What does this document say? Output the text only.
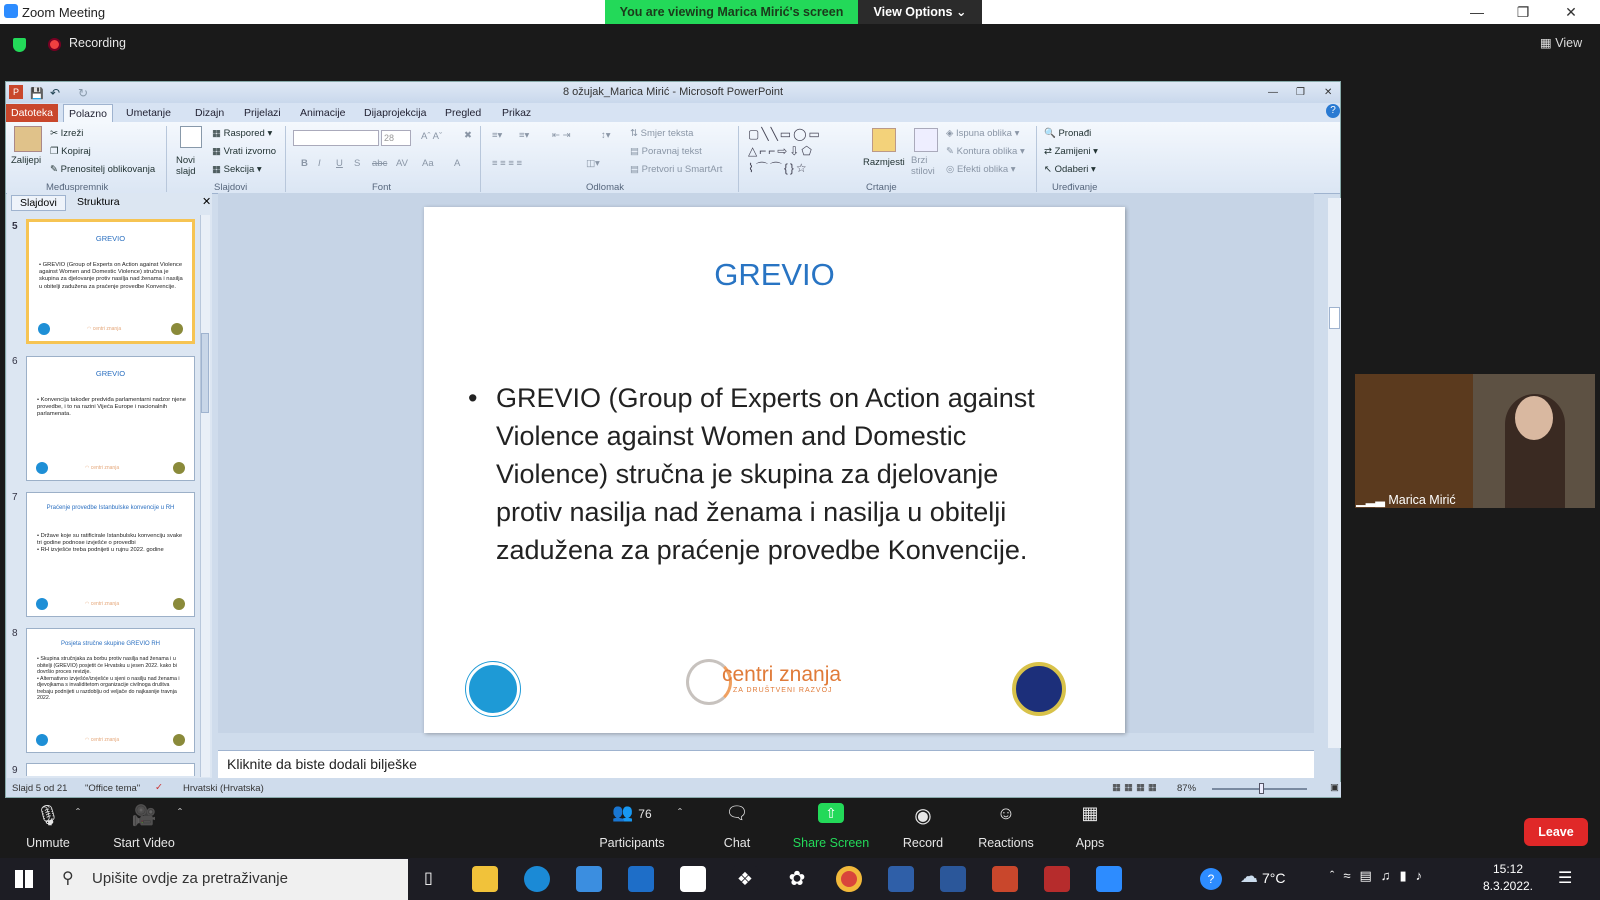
Zoom Meeting	—	❐	✕
You are viewing Marica Mirić's screen	View Options ⌄
Recording	▦ View
P	💾 ↶ ↻	8 ožujak_Marica Mirić - Microsoft PowerPoint	— ❐ ✕
Datoteka	Polazno	Umetanje	Dizajn	Prijelazi	Animacije	Dijaprojekcija	Pregled	Prikaz
Zalijepi
✂ Izreži
❐ Kopiraj
✎ Prenositelj oblikovanja
Međuspremnik
Novi slajd
▦ Raspored ▾
▦ Vrati izvorno
▦ Sekcija ▾
Slajdovi
28	Aˆ Aˇ ✖
B I U S abc AV Aa A
Font
≡▾ ≡▾ ⇤ ⇥	↕▾ ⇅ Smjer teksta
▤ Poravnaj tekst
▤ Pretvori u SmartArt
≡ ≡ ≡ ≡	◫▾
Odlomak
▢╲╲▭◯▭
△⌐⌐⇨⇩⬠
⌇⌒⌒{}☆	Razmjesti Brzi stilovi
◈ Ispuna oblika ▾
✎ Kontura oblika ▾
◎ Efekti oblika ▾
Crtanje
🔍 Pronađi
⇄ Zamijeni ▾
↖ Odaberi ▾
Uređivanje
?
Slajdovi	Struktura	✕
5
GREVIO
• GREVIO (Group of Experts on Action against Violence against Women and Domestic Violence) stručna je skupina za djelovanje protiv nasilja nad ženama i nasilja u obitelji zadužena za praćenje provedbe Konvencije.
◠ centri znanja
6
GREVIO
• Konvencija također predviđa parlamentarni nadzor njene provedbe, i to na razini Vijeća Europe i nacionalnih parlamenata.
◠ centri znanja
7
Praćenje provedbe Istanbulske konvencije u RH
• Države koje su ratificirale Istanbulsku konvenciju svake tri godine podnose izvješće o provedbi
• RH izvješće treba podnijeti u rujnu 2022. godine
◠ centri znanja
8
Posjeta stručne skupine GREVIO RH
• Skupina stručnjaka za borbu protiv nasilja nad ženama i u obitelji (GREVIO) posjetit će Hrvatsku u jesen 2022. kako bi dovršio proces revizije.
• Alternativno izvješće/izvješće u sjeni o nasilju nad ženama i djevojkama s invaliditetom organizacije civilnoga društva trebaju podnijeti u razdoblju od veljače do najkasnije travnja 2022.
◠ centri znanja
9
GREVIO
• GREVIO (Group of Experts on Action against Violence against Women and Domestic Violence) stručna je skupina za djelovanje protiv nasilja nad ženama i nasilja u obitelji zadužena za praćenje provedbe Konvencije.
centri znanja
ZA DRUŠTVENI RAZVOJ
Kliknite da biste dodali bilješke
Slajd 5 od 21 "Office tema" ✓ Hrvatski (Hrvatska)	▦▦▦▦ 87%	▣
▁▂▃ Marica Mirić
🎙
Unmute
ˆ	🎥
Start Video
ˆ	👥 76
Participants
ˆ	🗨
Chat
⇧
Share Screen
◉
Record
☺
Reactions
▦
Apps
Leave
Upišite ovdje za pretraživanje
⚲	▯	❖ ✿	?	☁ 7°C	ˆ≈▤♫▮♪	15:12
8.3.2022. ☰
